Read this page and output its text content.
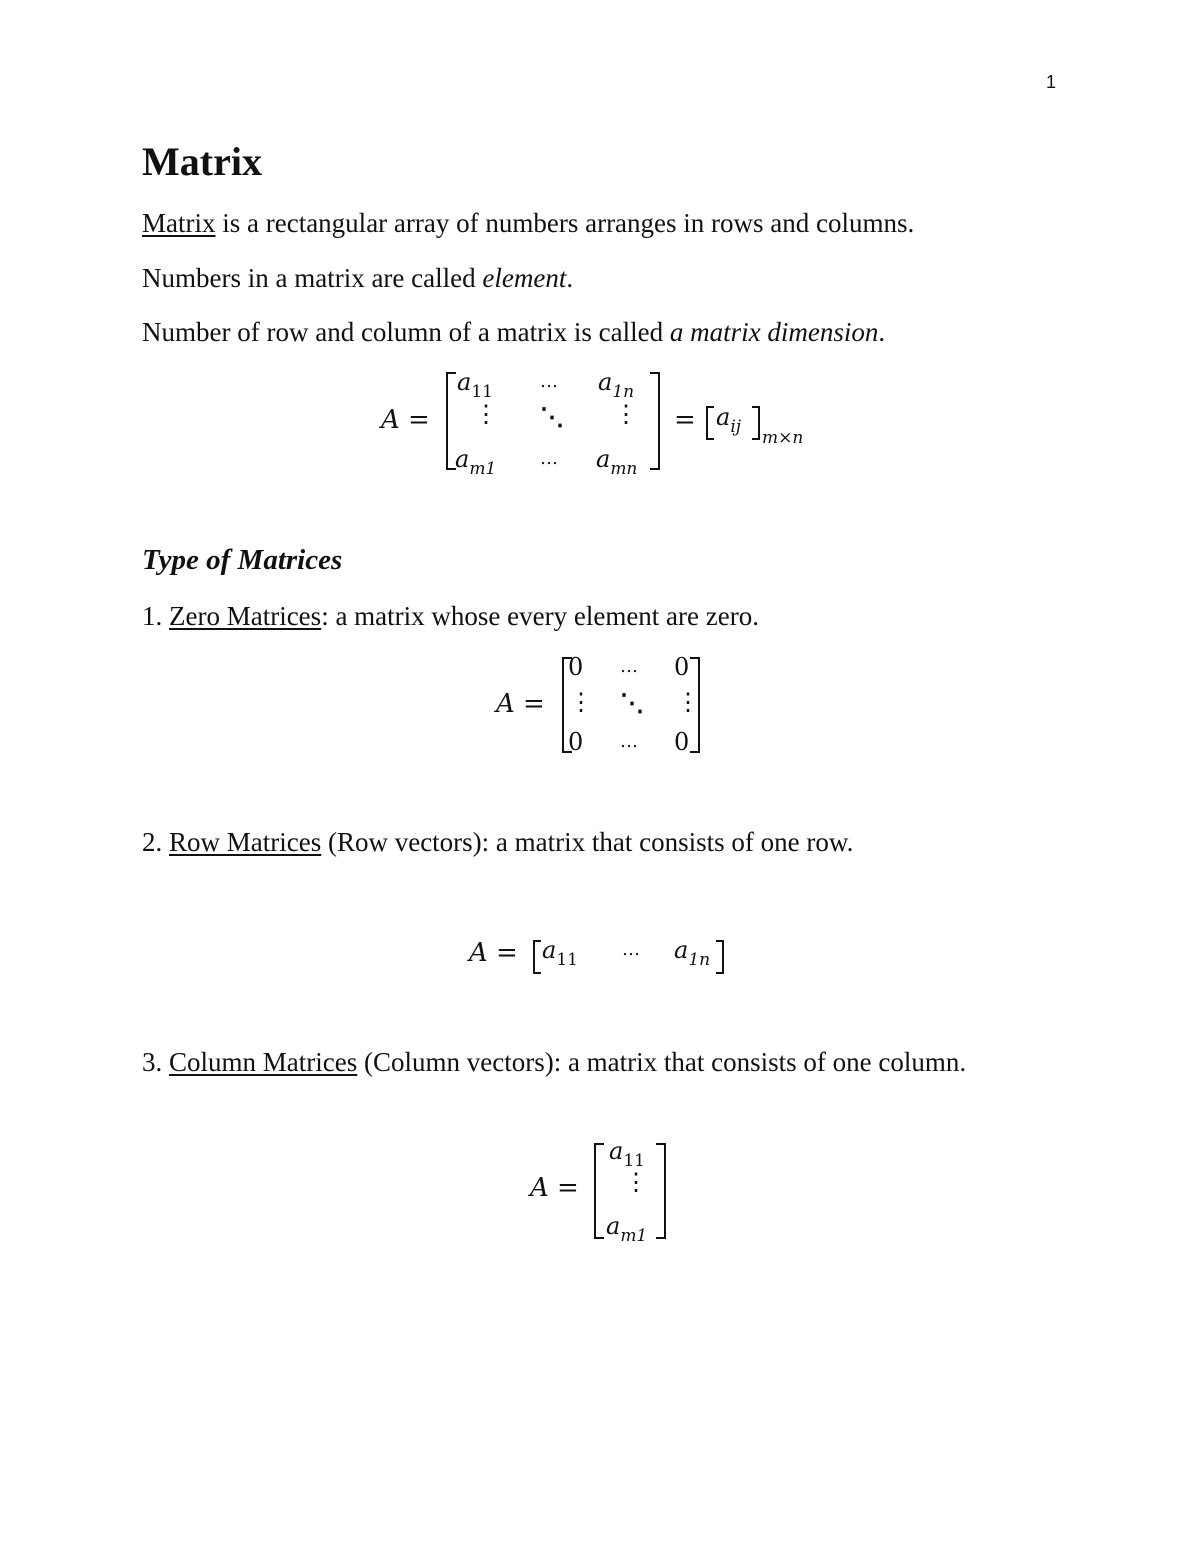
1
Matrix

Matrix is a rectangular array of numbers arranges in rows and columns.

Numbers in a matrix are called element.

Number of row and column of a matrix is called a matrix dimension.

A =
$a_{11}$	… $a_{1n}$
⋮ ⋱ ⋮
$a_{m1}$ … $a_{mn}$
= $a_{ij}$
m×n
Type of Matrices

1. Zero Matrices: a matrix whose every element are zero.

A =
0 … 0
⋮ ⋱ ⋮
0 … 0

2. Row Matrices (Row vectors): a matrix that consists of one row.

$A = a_{11}$ … $a_{1n}$

3. Column Matrices (Column vectors): a matrix that consists of one column.

A =
$a_{11}$
⋮
$a_{m1}$
